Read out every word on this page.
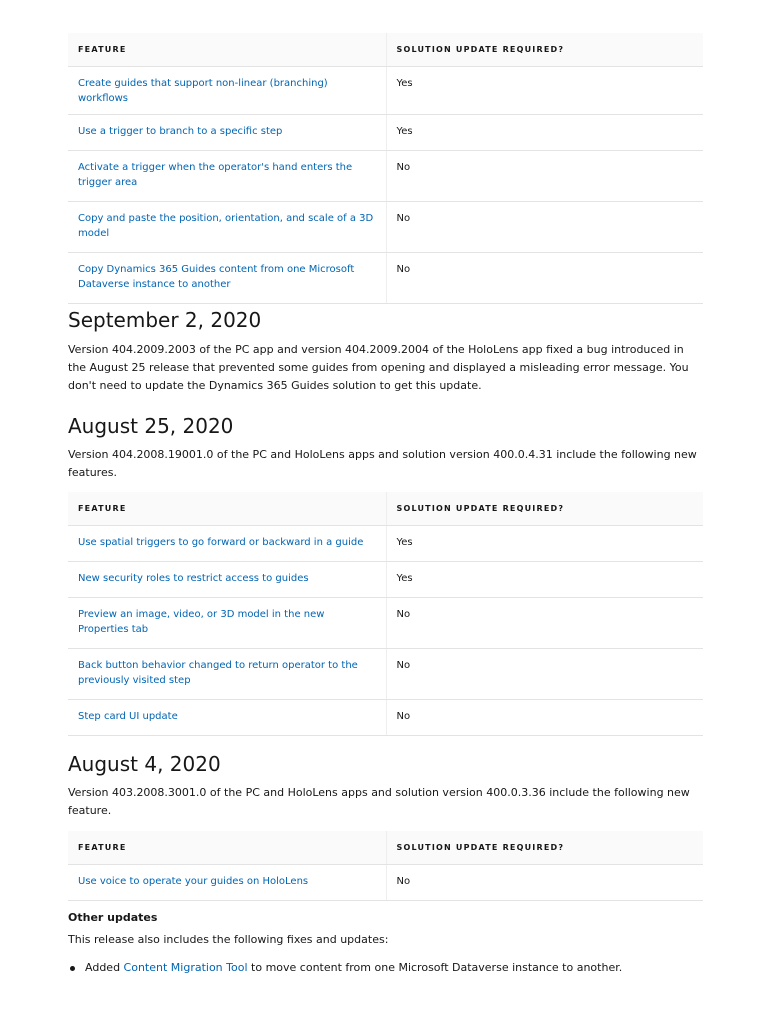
FEATURE	SOLUTION UPDATE REQUIRED?
Create guides that support non-linear (branching) workflows	Yes
Use a trigger to branch to a specific step	Yes
Activate a trigger when the operator's hand enters the trigger area	No
Copy and paste the position, orientation, and scale of a 3D model	No
Copy Dynamics 365 Guides content from one Microsoft Dataverse instance to another	No
September 2, 2020

Version 404.2009.2003 of the PC app and version 404.2009.2004 of the HoloLens app fixed a bug introduced in the August 25 release that prevented some guides from opening and displayed a misleading error message. You don't need to update the Dynamics 365 Guides solution to get this update.

August 25, 2020

Version 404.2008.19001.0 of the PC and HoloLens apps and solution version 400.0.4.31 include the following new features.

FEATURE	SOLUTION UPDATE REQUIRED?
Use spatial triggers to go forward or backward in a guide	Yes
New security roles to restrict access to guides	Yes
Preview an image, video, or 3D model in the new Properties tab	No
Back button behavior changed to return operator to the previously visited step	No
Step card UI update	No
August 4, 2020

Version 403.2008.3001.0 of the PC and HoloLens apps and solution version 400.0.3.36 include the following new feature.

FEATURE	SOLUTION UPDATE REQUIRED?
Use voice to operate your guides on HoloLens	No
Other updates

This release also includes the following fixes and updates:

Added Content Migration Tool to move content from one Microsoft Dataverse instance to another.
